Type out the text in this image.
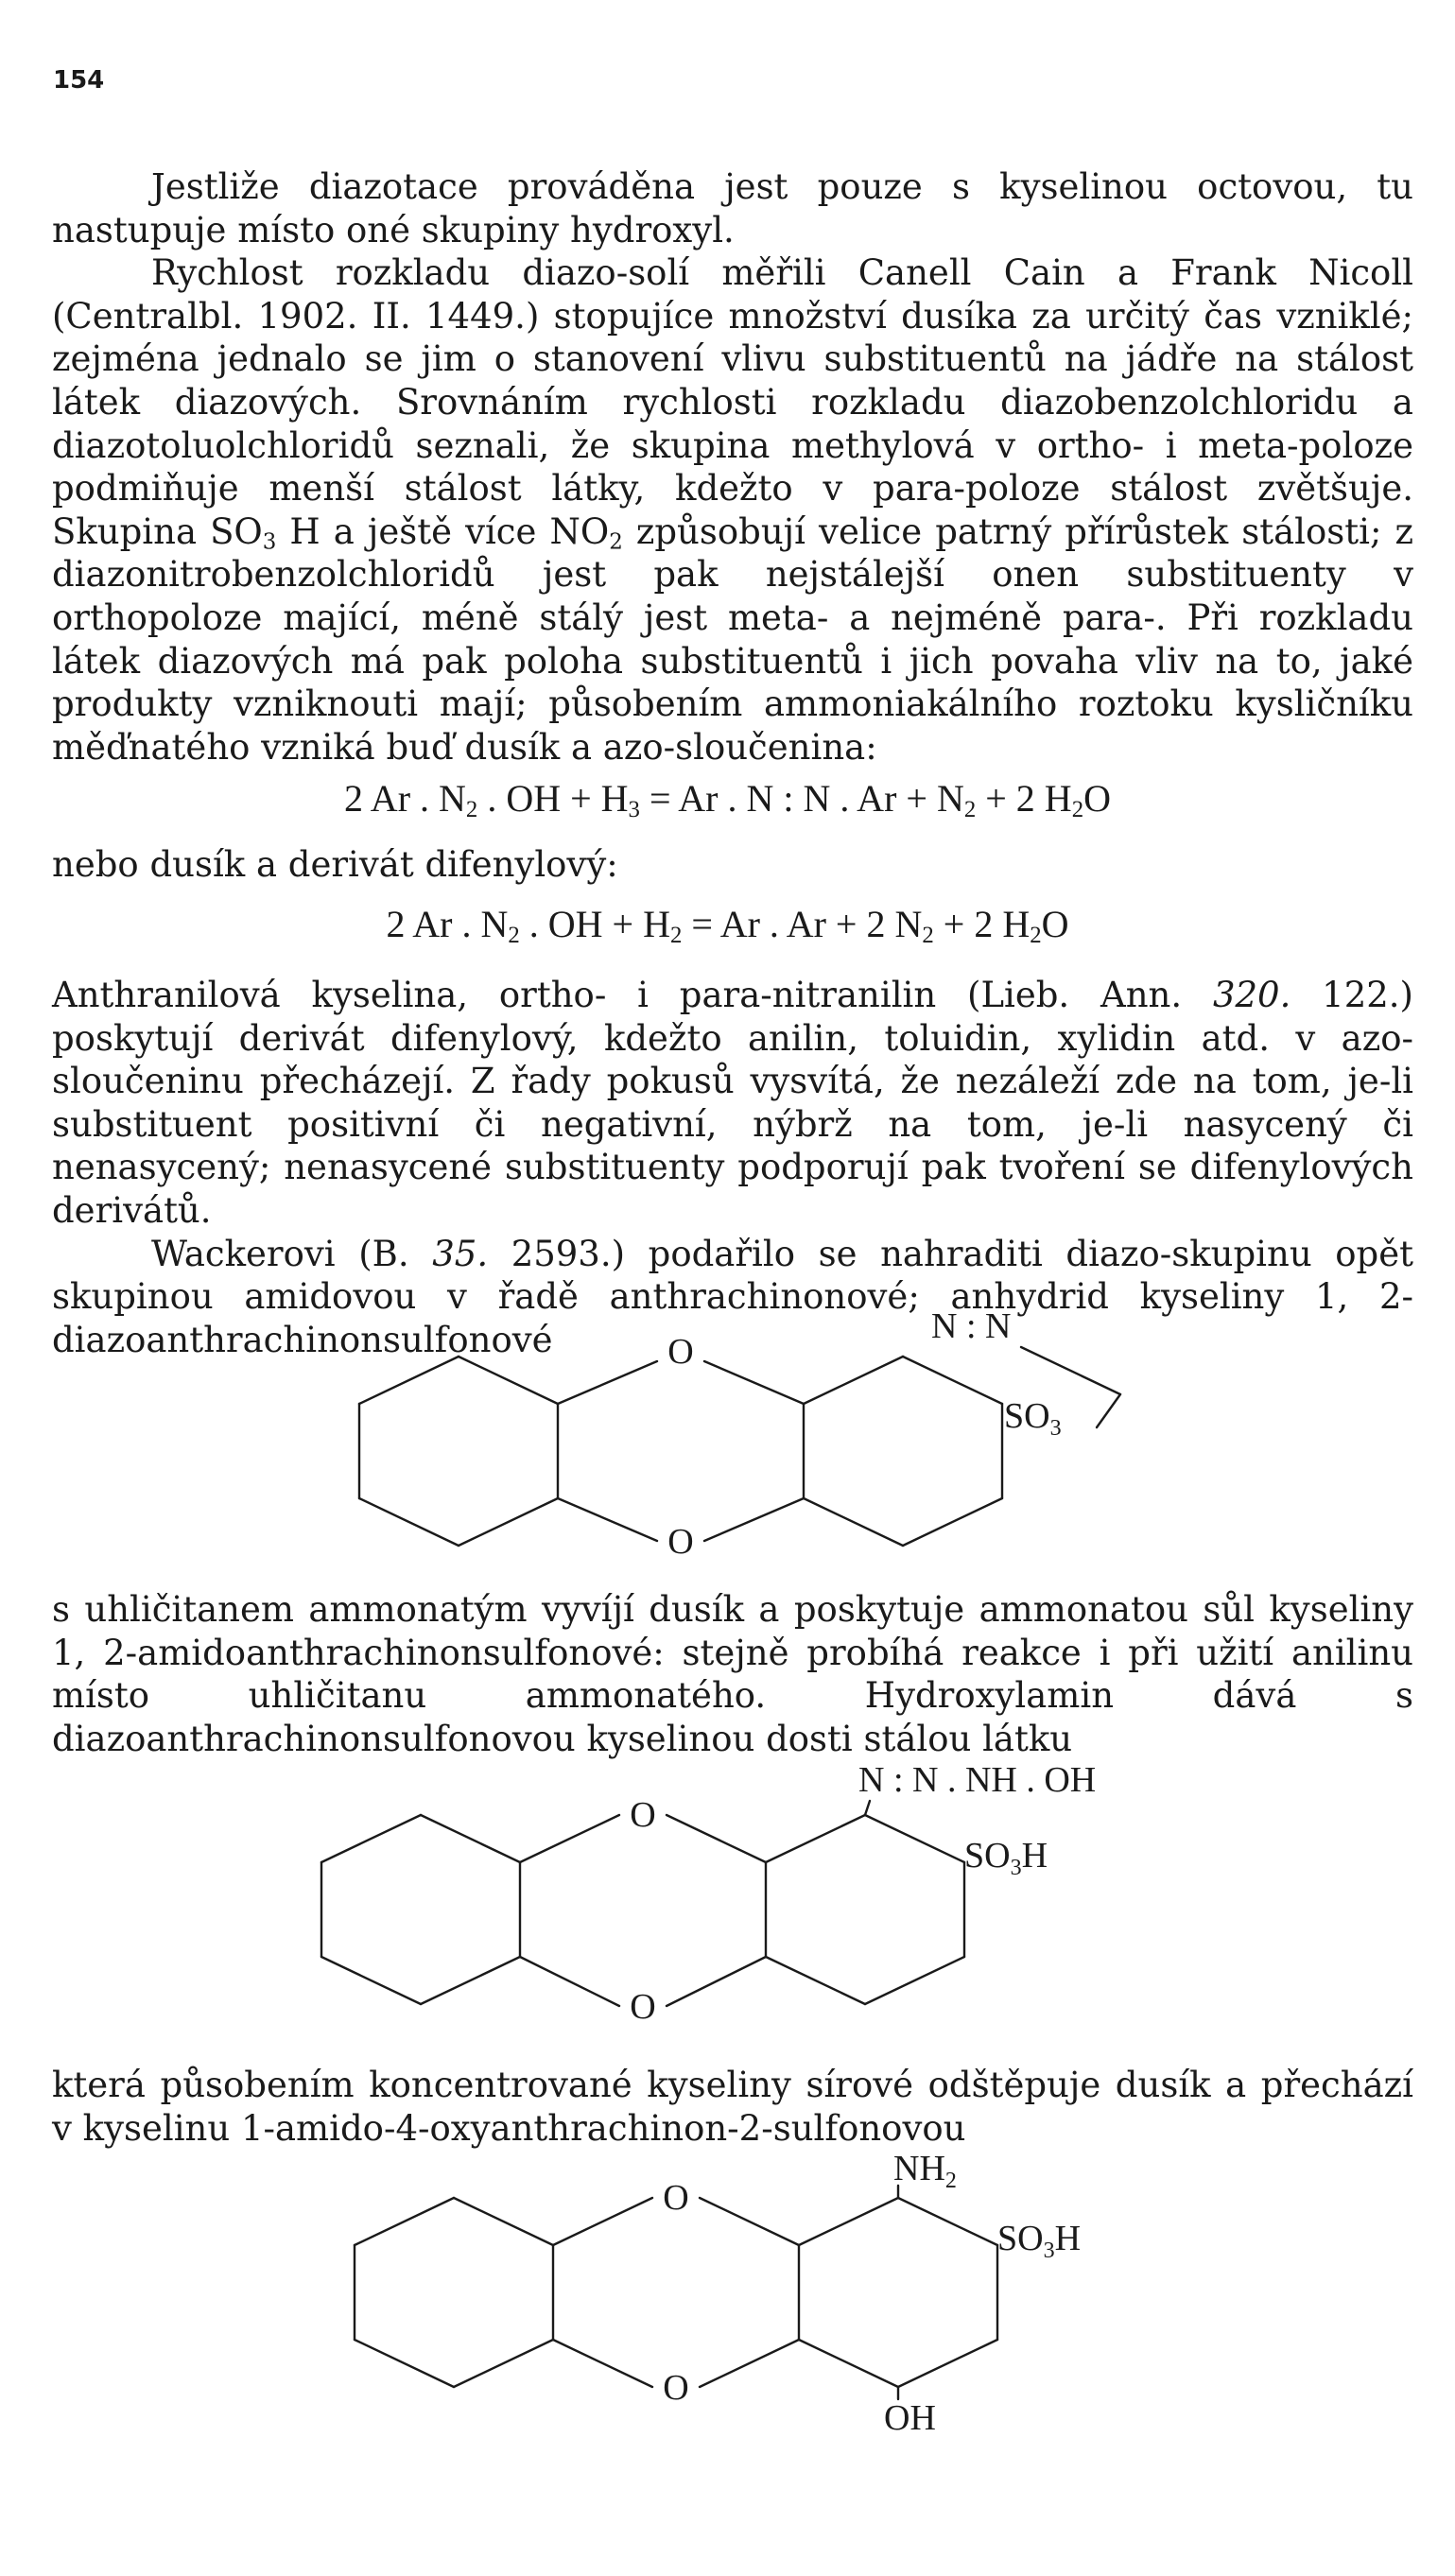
154

Jestliže diazotace prováděna jest pouze s kyselinou octovou, tu nastupuje místo oné skupiny hydroxyl.

Rychlost rozkladu diazo-solí měřili Canell Cain a Frank Nicoll (Centralbl. 1902. II. 1449.) stopujíce množství dusíka za určitý čas vzniklé; zejména jednalo se jim o stanovení vlivu substituentů na jádře na stálost látek diazových. Srovnáním rychlosti rozkladu diazobenzolchloridu a diazotoluolchloridů seznali, že skupina methylová v ortho- i meta-poloze podmiňuje menší stálost látky, kdežto v para-poloze stálost zvětšuje. Skupina $SO_3$ H a ještě více $NO_2$ způsobují velice patrný přírůstek stálosti; z diazonitrobenzolchloridů jest pak nejstálejší onen substituenty v orthopoloze mající, méně stálý jest meta- a nejméně para-. Při rozkladu látek diazových má pak poloha substituentů i jich povaha vliv na to, jaké produkty vzniknouti mají; působením ammoniakálního roztoku kysličníku měďnatého vzniká buď dusík a azo-sloučenina:

2 Ar . $N_2$ . OH + $H_3 = Ar$ . N : N . $Ar + N_2 + 2$ $H_2O$

nebo dusík a derivát difenylový:

2 Ar . $N_2$ . OH + $H_2 = Ar$ . Ar + 2 $N_2 + 2$ $H_2O$

Anthranilová kyselina, ortho- i para-nitranilin (Lieb. Ann. 320. 122.) poskytují derivát difenylový, kdežto anilin, toluidin, xylidin atd. v azo-sloučeninu přecházejí. Z řady pokusů vysvítá, že nezáleží zde na tom, je-li substituent positivní či negativní, nýbrž na tom, je-li nasycený či nenasycený; nenasycené substituenty podporují pak tvoření se difenylových derivátů.

Wackerovi (B. 35. 2593.) podařilo se nahraditi diazo-skupinu opět skupinou amidovou v řadě anthrachinonové; anhydrid kyseliny 1, 2-diazoanthrachinonsulfonové	O
O
N : N
$SO_3$

s uhličitanem ammonatým vyvíjí dusík a poskytuje ammonatou sůl kyseliny 1, 2-amidoanthrachinonsulfonové: stejně probíhá reakce i při užití anilinu místo uhličitanu ammonatého. Hydroxylamin dává s diazoanthrachinonsulfonovou kyselinou dosti stálou látku

O
O
N : N . NH . OH
$SO_3H$

která působením koncentrované kyseliny sírové odštěpuje dusík a přechází v kyselinu 1-amido-4-oxyanthrachinon-2-sulfonovou

O
O
$NH_2$
$SO_3H$
OH
